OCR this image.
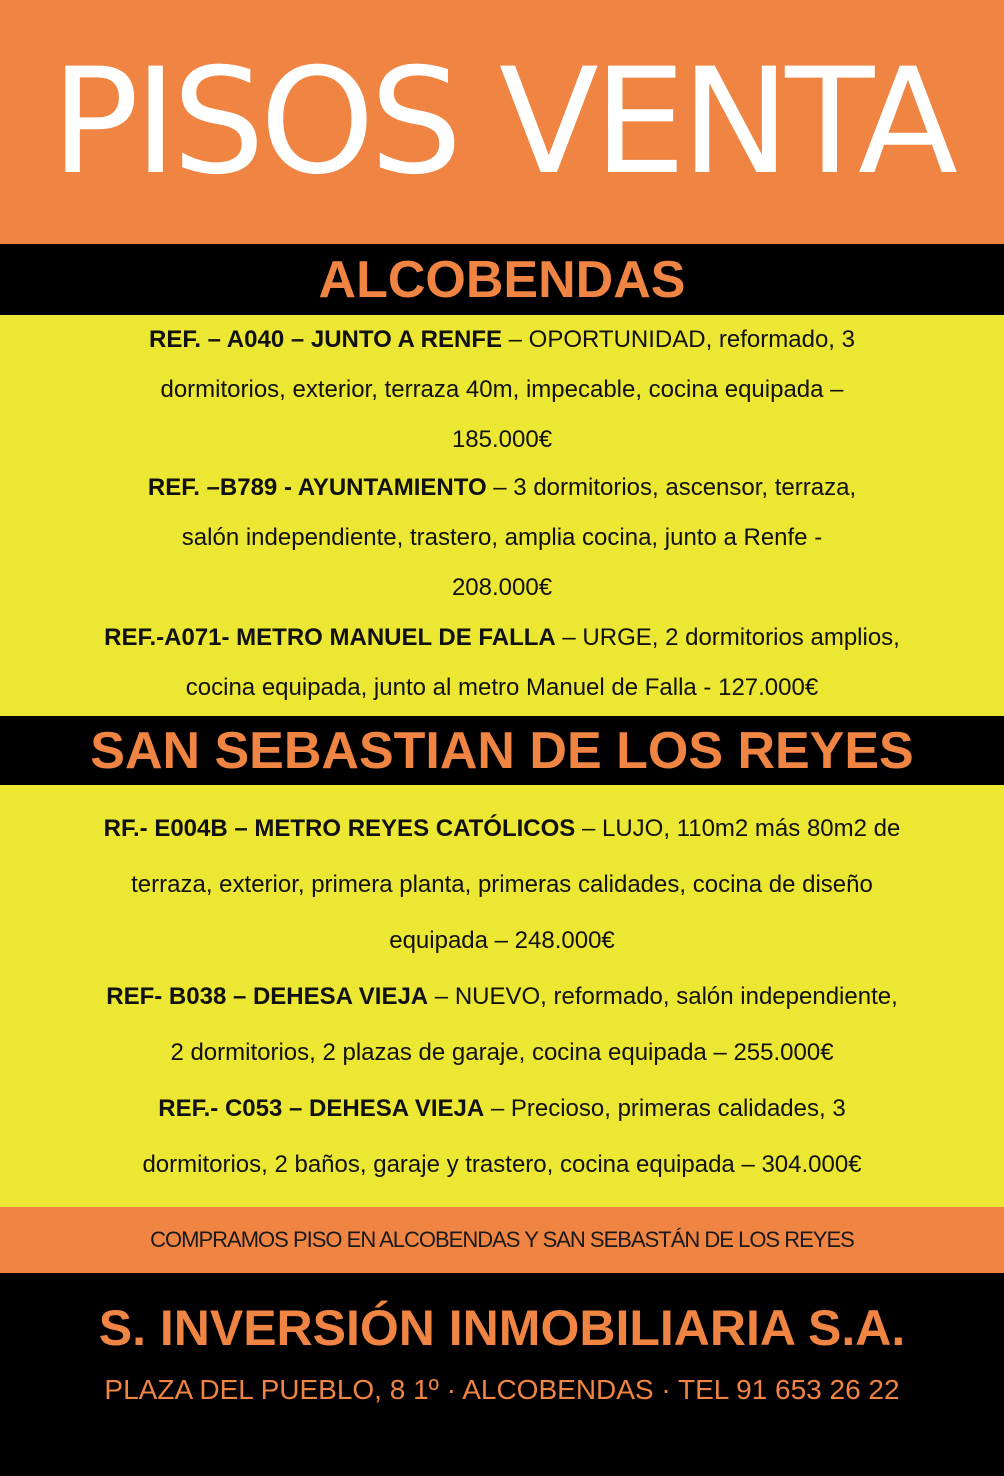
PISOS VENTA
ALCOBENDAS
REF. – A040 – JUNTO A RENFE – OPORTUNIDAD, reformado, 3
dormitorios, exterior, terraza 40m, impecable, cocina equipada –
185.000€
REF. –B789 - AYUNTAMIENTO – 3 dormitorios, ascensor, terraza,
salón independiente, trastero, amplia cocina, junto a Renfe -
208.000€
REF.-A071- METRO MANUEL DE FALLA – URGE, 2 dormitorios amplios,
cocina equipada, junto al metro Manuel de Falla - 127.000€
SAN SEBASTIAN DE LOS REYES
RF.- E004B – METRO REYES CATÓLICOS – LUJO, 110m2 más 80m2 de
terraza, exterior, primera planta, primeras calidades, cocina de diseño
equipada – 248.000€
REF- B038 – DEHESA VIEJA – NUEVO, reformado, salón independiente,
2 dormitorios, 2 plazas de garaje, cocina equipada – 255.000€
REF.- C053 – DEHESA VIEJA – Precioso, primeras calidades, 3
dormitorios, 2 baños, garaje y trastero, cocina equipada – 304.000€
COMPRAMOS PISO EN ALCOBENDAS Y SAN SEBASTÁN DE LOS REYES
S. INVERSIÓN INMOBILIARIA S.A.
PLAZA DEL PUEBLO, 8 1º · ALCOBENDAS · TEL 91 653 26 22
